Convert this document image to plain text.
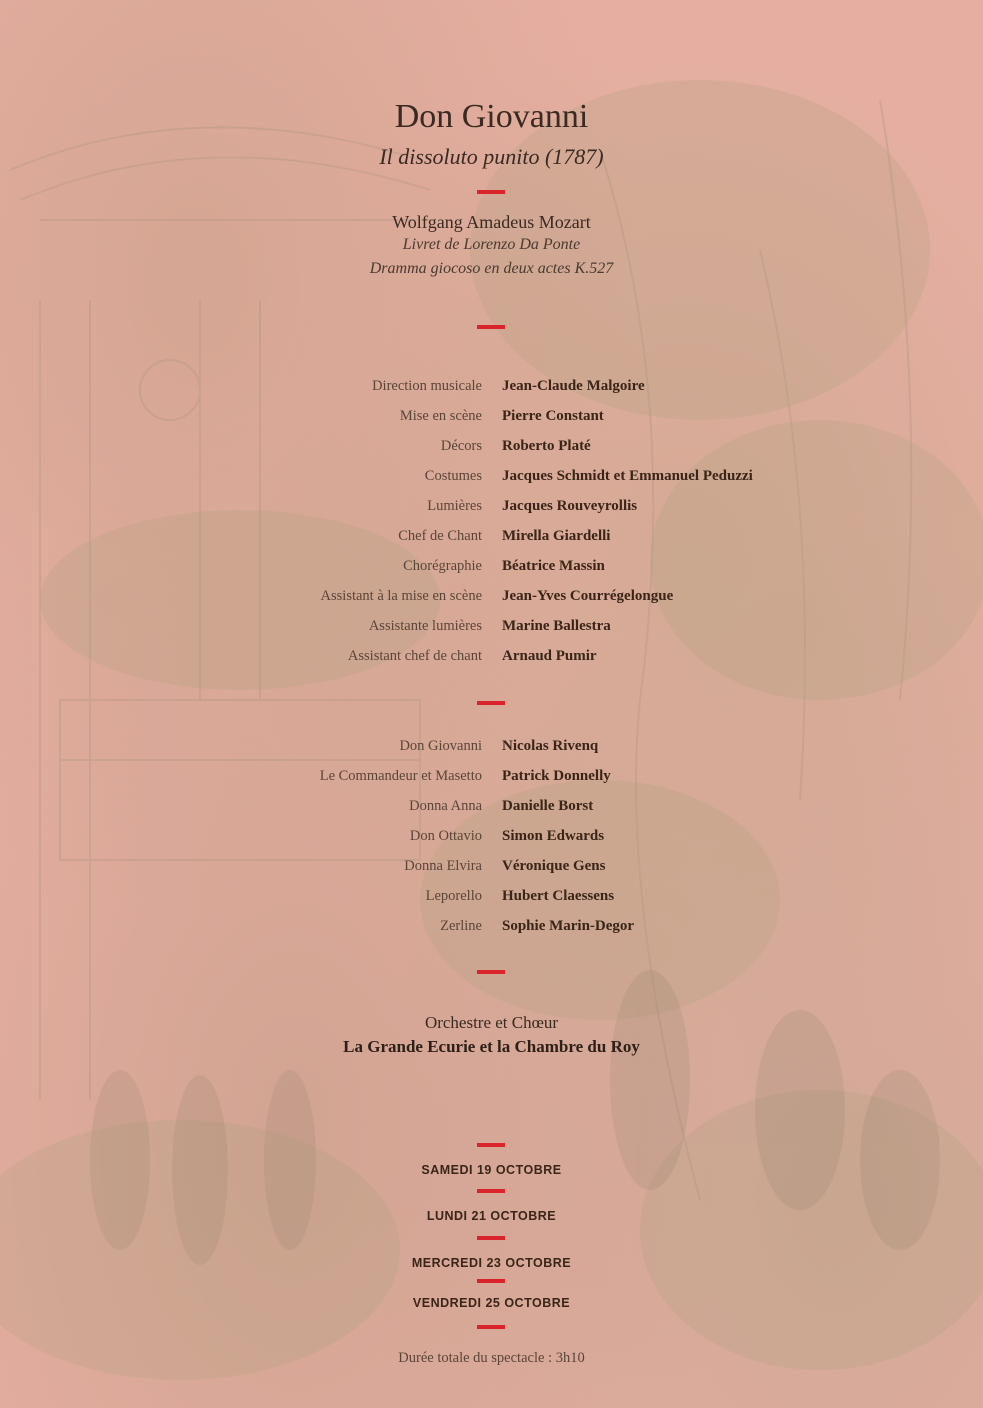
Don Giovanni
Il dissoluto punito (1787)
Wolfgang Amadeus Mozart
Livret de Lorenzo Da Ponte
Dramma giocoso en deux actes K.527
Direction musicale Jean-Claude Malgoire
Mise en scène Pierre Constant
Décors Roberto Platé
Costumes Jacques Schmidt et Emmanuel Peduzzi
Lumières Jacques Rouveyrollis
Chef de Chant Mirella Giardelli
Chorégraphie Béatrice Massin
Assistant à la mise en scène Jean-Yves Courrégelongue
Assistante lumières Marine Ballestra
Assistant chef de chant Arnaud Pumir
Don Giovanni Nicolas Rivenq
Le Commandeur et Masetto Patrick Donnelly
Donna Anna Danielle Borst
Don Ottavio Simon Edwards
Donna Elvira Véronique Gens
Leporello Hubert Claessens
Zerline Sophie Marin-Degor
Orchestre et Chœur
La Grande Ecurie et la Chambre du Roy
SAMEDI 19 OCTOBRE
LUNDI 21 OCTOBRE
MERCREDI 23 OCTOBRE
VENDREDI 25 OCTOBRE
Durée totale du spectacle : 3h10
